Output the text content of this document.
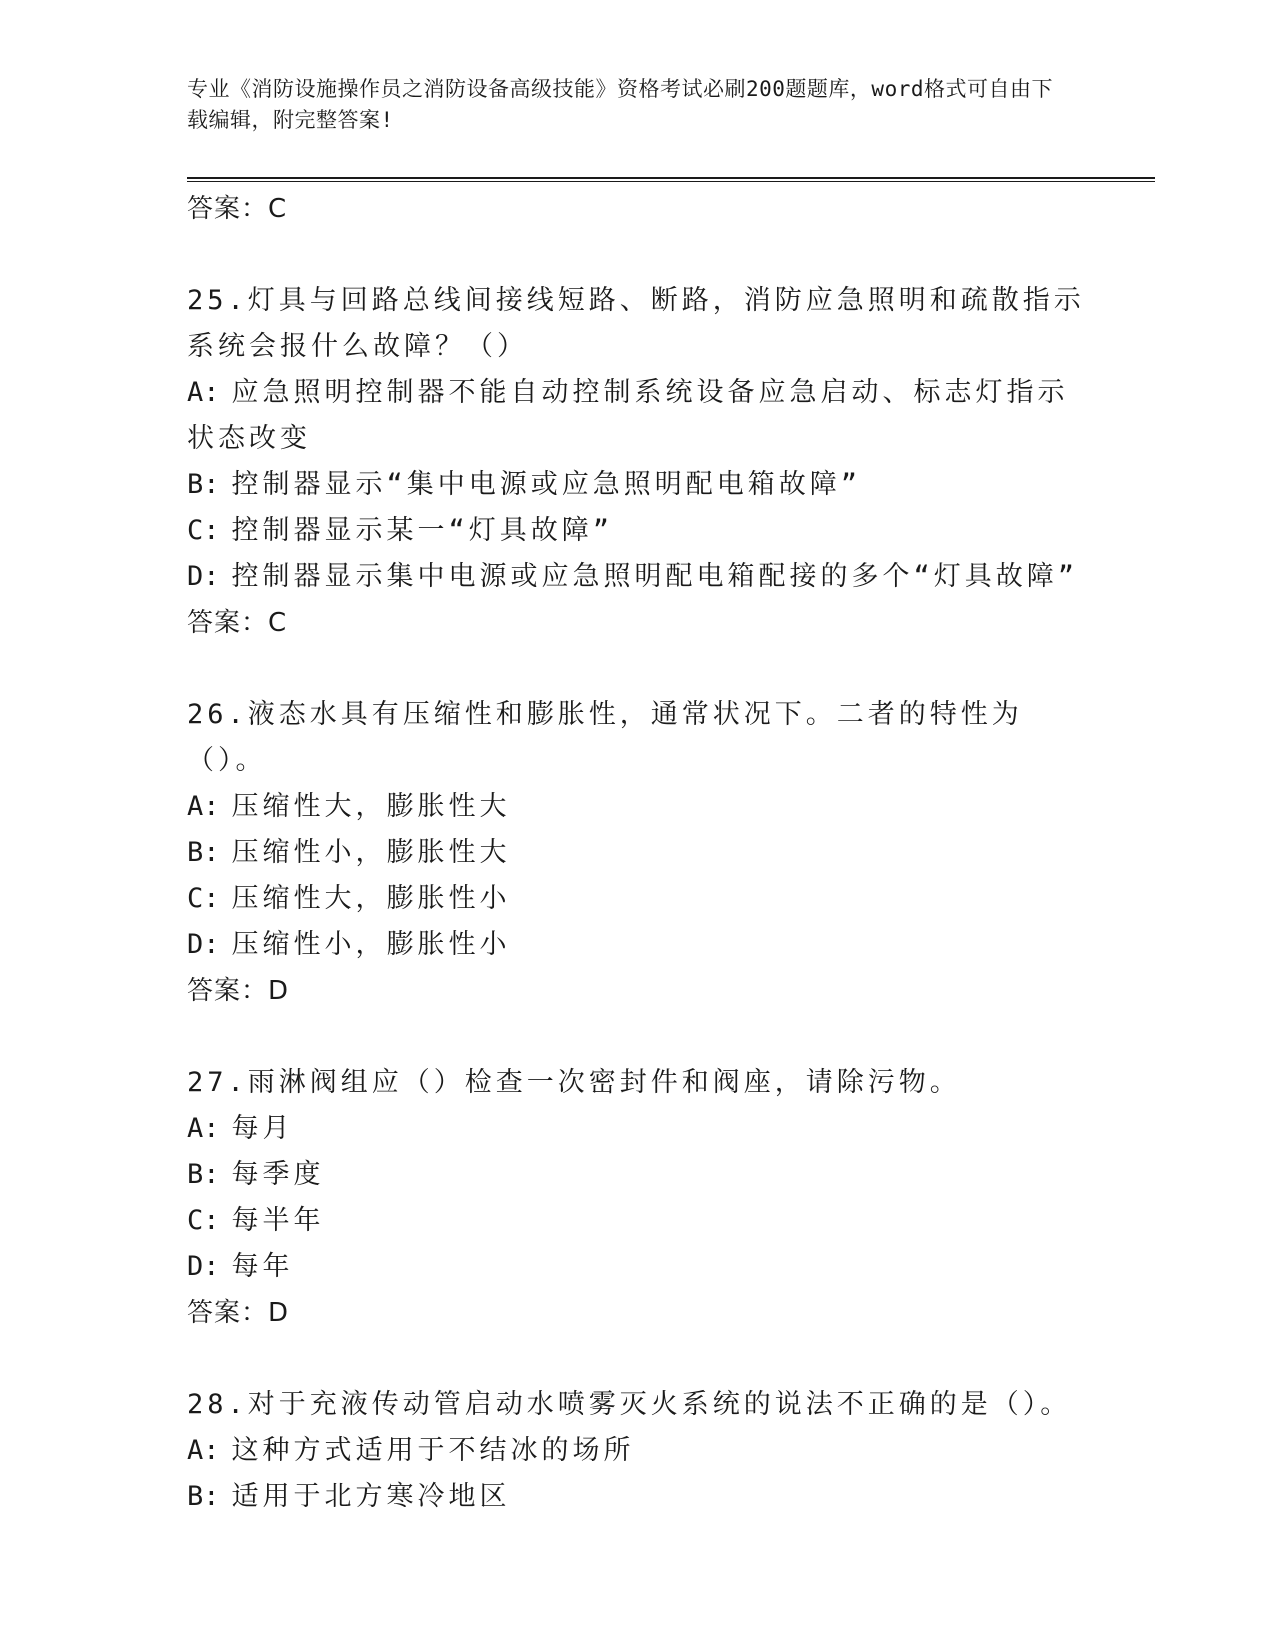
专业《消防设施操作员之消防设备高级技能》资格考试必刷200题题库，word格式可自由下载编辑，附完整答案!
答案：C
25.灯具与回路总线间接线短路、断路，消防应急照明和疏散指示系统会报什么故障？（）
A: 应急照明控制器不能自动控制系统设备应急启动、标志灯指示状态改变
B: 控制器显示“集中电源或应急照明配电箱故障”
C: 控制器显示某一“灯具故障”
D: 控制器显示集中电源或应急照明配电箱配接的多个“灯具故障”
答案：C
26.液态水具有压缩性和膨胀性，通常状况下。二者的特性为（）。
A: 压缩性大，膨胀性大
B: 压缩性小，膨胀性大
C: 压缩性大，膨胀性小
D: 压缩性小，膨胀性小
答案：D
27.雨淋阀组应（）检查一次密封件和阀座，请除污物。
A: 每月
B: 每季度
C: 每半年
D: 每年
答案：D
28.对于充液传动管启动水喷雾灭火系统的说法不正确的是（）。
A: 这种方式适用于不结冰的场所
B: 适用于北方寒冷地区
